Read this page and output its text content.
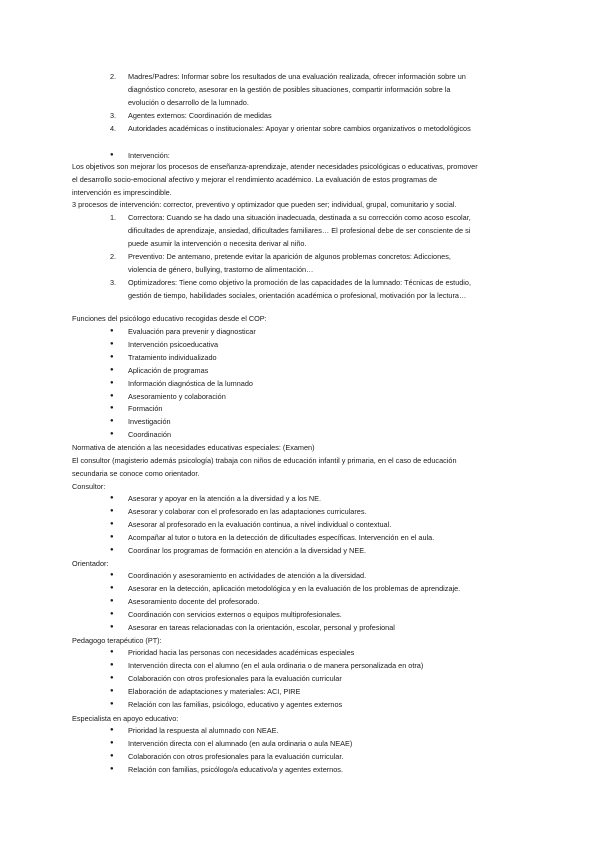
2. Madres/Padres: Informar sobre los resultados de una evaluación realizada, ofrecer información sobre un
diagnóstico concreto, asesorar en la gestión de posibles situaciones, compartir información sobre la
evolución o desarrollo de la lumnado.
3. Agentes externos: Coordinación de medidas
4. Autoridades académicas o institucionales: Apoyar y orientar sobre cambios organizativos o metodológicos
● Intervención:
Los objetivos son mejorar los procesos de enseñanza-aprendizaje, atender necesidades psicológicas o educativas, promover
el desarrollo socio-emocional afectivo y mejorar el rendimiento académico. La evaluación de estos programas de
intervención es imprescindible.
3 procesos de intervención: corrector, preventivo y optimizador que pueden ser; individual, grupal, comunitario y social.
1. Correctora: Cuando se ha dado una situación inadecuada, destinada a su corrección como acoso escolar,
dificultades de aprendizaje, ansiedad, dificultades familiares… El profesional debe de ser consciente de si
puede asumir la intervención o necesita derivar al niño.
2. Preventivo: De antemano, pretende evitar la aparición de algunos problemas concretos: Adicciones,
violencia de género, bullying, trastorno de alimentación…
3. Optimizadores: Tiene como objetivo la promoción de las capacidades de la lumnado: Técnicas de estudio,
gestión de tiempo, habilidades sociales, orientación académica o profesional, motivación por la lectura…
Funciones del psicólogo educativo recogidas desde el COP:
● Evaluación para prevenir y diagnosticar
● Intervención psicoeducativa
● Tratamiento individualizado
● Aplicación de programas
● Información diagnóstica de la lumnado
● Asesoramiento y colaboración
● Formación
● Investigación
● Coordinación
Normativa de atención a las necesidades educativas especiales: (Examen)
El consultor (magisterio además psicología) trabaja con niños de educación infantil y primaria, en el caso de educación
secundaria se conoce como orientador.
Consultor:
● Asesorar y apoyar en la atención a la diversidad y a los NE.
● Asesorar y colaborar con el profesorado en las adaptaciones curriculares.
● Asesorar al profesorado en la evaluación continua, a nivel individual o contextual.
● Acompañar al tutor o tutora en la detección de dificultades específicas. Intervención en el aula.
● Coordinar los programas de formación en atención a la diversidad y NEE.
Orientador:
● Coordinación y asesoramiento en actividades de atención a la diversidad.
● Asesorar en la detección, aplicación metodológica y en la evaluación de los problemas de aprendizaje.
● Asesoramiento docente del profesorado.
● Coordinación con servicios externos o equipos multiprofesionales.
● Asesorar en tareas relacionadas con la orientación, escolar, personal y profesional
Pedagogo terapéutico (PT):
● Prioridad hacia las personas con necesidades académicas especiales
● Intervención directa con el alumno (en el aula ordinaria o de manera personalizada en otra)
● Colaboración con otros profesionales para la evaluación curricular
● Elaboración de adaptaciones y materiales: ACI, PIRE
● Relación con las familias, psicólogo, educativo y agentes externos
Especialista en apoyo educativo:
● Prioridad la respuesta al alumnado con NEAE.
● Intervención directa con el alumnado (en aula ordinaria o aula NEAE)
● Colaboración con otros profesionales para la evaluación curricular.
● Relación con familias, psicólogo/a educativo/a y agentes externos.
